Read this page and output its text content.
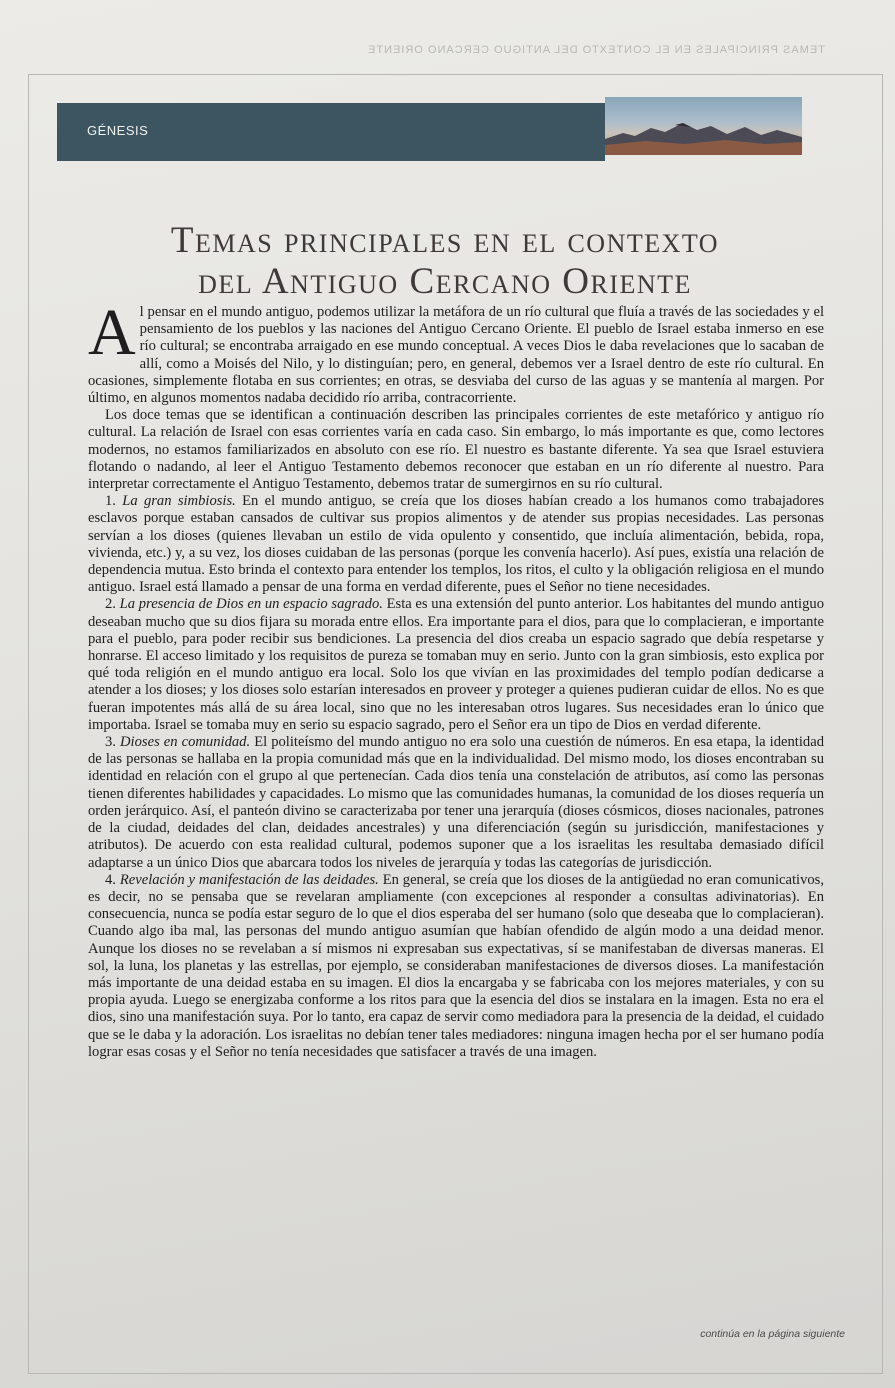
TEMAS PRINCIPALES EN EL CONTEXTO DEL ANTIGUO CERCANO ORIENTE
GÉNESIS
Temas principales en el contexto
del Antiguo Cercano Oriente

Al pensar en el mundo antiguo, podemos utilizar la metáfora de un río cultural que fluía a través de las sociedades y el pensamiento de los pueblos y las naciones del Antiguo Cercano Oriente. El pueblo de Israel estaba inmerso en ese río cultural; se encontraba arraigado en ese mundo conceptual. A veces Dios le daba revelaciones que lo sacaban de allí, como a Moisés del Nilo, y lo distinguían; pero, en general, debemos ver a Israel dentro de este río cultural. En ocasiones, simplemente flotaba en sus corrientes; en otras, se desviaba del curso de las aguas y se mantenía al margen. Por último, en algunos momentos nadaba decidido río arriba, contracorriente.

Los doce temas que se identifican a continuación describen las principales corrientes de este metafórico y antiguo río cultural. La relación de Israel con esas corrientes varía en cada caso. Sin embargo, lo más importante es que, como lectores modernos, no estamos familiarizados en absoluto con ese río. El nuestro es bastante diferente. Ya sea que Israel estuviera flotando o nadando, al leer el Antiguo Testamento debemos reconocer que estaban en un río diferente al nuestro. Para interpretar correctamente el Antiguo Testamento, debemos tratar de sumergirnos en su río cultural.

1. La gran simbiosis. En el mundo antiguo, se creía que los dioses habían creado a los humanos como trabajadores esclavos porque estaban cansados de cultivar sus propios alimentos y de atender sus propias necesidades. Las personas servían a los dioses (quienes llevaban un estilo de vida opulento y consentido, que incluía alimentación, bebida, ropa, vivienda, etc.) y, a su vez, los dioses cuidaban de las personas (porque les convenía hacerlo). Así pues, existía una relación de dependencia mutua. Esto brinda el contexto para entender los templos, los ritos, el culto y la obligación religiosa en el mundo antiguo. Israel está llamado a pensar de una forma en verdad diferente, pues el Señor no tiene necesidades.

2. La presencia de Dios en un espacio sagrado. Esta es una extensión del punto anterior. Los habitantes del mundo antiguo deseaban mucho que su dios fijara su morada entre ellos. Era importante para el dios, para que lo complacieran, e importante para el pueblo, para poder recibir sus bendiciones. La presencia del dios creaba un espacio sagrado que debía respetarse y honrarse. El acceso limitado y los requisitos de pureza se tomaban muy en serio. Junto con la gran simbiosis, esto explica por qué toda religión en el mundo antiguo era local. Solo los que vivían en las proximidades del templo podían dedicarse a atender a los dioses; y los dioses solo estarían interesados en proveer y proteger a quienes pudieran cuidar de ellos. No es que fueran impotentes más allá de su área local, sino que no les interesaban otros lugares. Sus necesidades eran lo único que importaba. Israel se tomaba muy en serio su espacio sagrado, pero el Señor era un tipo de Dios en verdad diferente.

3. Dioses en comunidad. El politeísmo del mundo antiguo no era solo una cuestión de números. En esa etapa, la identidad de las personas se hallaba en la propia comunidad más que en la individualidad. Del mismo modo, los dioses encontraban su identidad en relación con el grupo al que pertenecían. Cada dios tenía una constelación de atributos, así como las personas tienen diferentes habilidades y capacidades. Lo mismo que las comunidades humanas, la comunidad de los dioses requería un orden jerárquico. Así, el panteón divino se caracterizaba por tener una jerarquía (dioses cósmicos, dioses nacionales, patrones de la ciudad, deidades del clan, deidades ancestrales) y una diferenciación (según su jurisdicción, manifestaciones y atributos). De acuerdo con esta realidad cultural, podemos suponer que a los israelitas les resultaba demasiado difícil adaptarse a un único Dios que abarcara todos los niveles de jerarquía y todas las categorías de jurisdicción.

4. Revelación y manifestación de las deidades. En general, se creía que los dioses de la antigüedad no eran comunicativos, es decir, no se pensaba que se revelaran ampliamente (con excepciones al responder a consultas adivinatorias). En consecuencia, nunca se podía estar seguro de lo que el dios esperaba del ser humano (solo que deseaba que lo complacieran). Cuando algo iba mal, las personas del mundo antiguo asumían que habían ofendido de algún modo a una deidad menor. Aunque los dioses no se revelaban a sí mismos ni expresaban sus expectativas, sí se manifestaban de diversas maneras. El sol, la luna, los planetas y las estrellas, por ejemplo, se consideraban manifestaciones de diversos dioses. La manifestación más importante de una deidad estaba en su imagen. El dios la encargaba y se fabricaba con los mejores materiales, y con su propia ayuda. Luego se energizaba conforme a los ritos para que la esencia del dios se instalara en la imagen. Esta no era el dios, sino una manifestación suya. Por lo tanto, era capaz de servir como mediadora para la presencia de la deidad, el cuidado que se le daba y la adoración. Los israelitas no debían tener tales mediadores: ninguna imagen hecha por el ser humano podía lograr esas cosas y el Señor no tenía necesidades que satisfacer a través de una imagen.

continúa en la página siguiente
